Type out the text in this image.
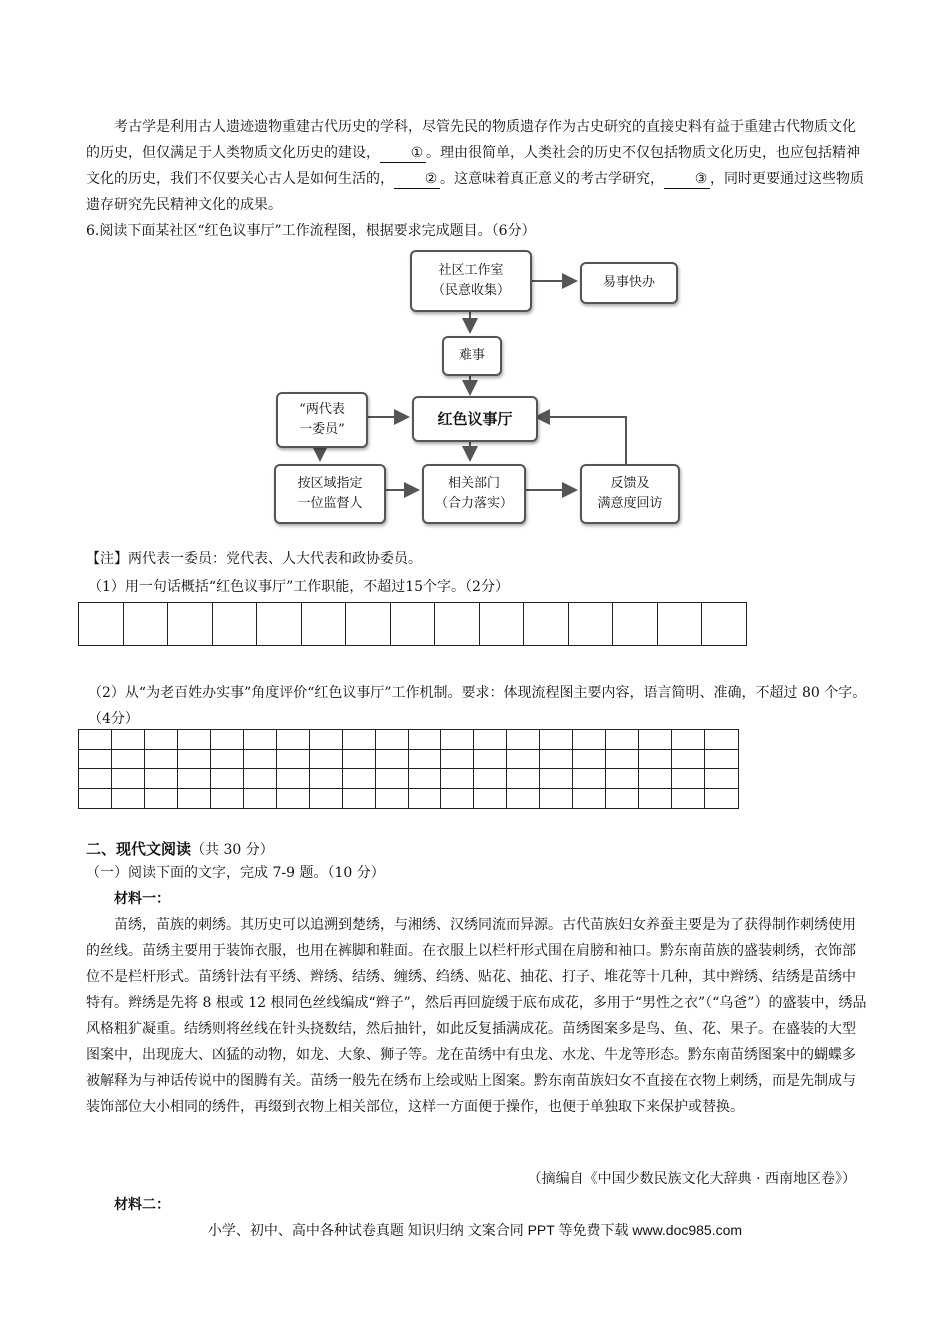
考古学是利用古人遗迹遗物重建古代历史的学科，尽管先民的物质遗存作为古史研究的直接史料有益于重建古代物质文化的历史，但仅满足于人类物质文化历史的建设， ① 。理由很简单，人类社会的历史不仅包括物质文化历史，也应包括精神文化的历史，我们不仅要关心古人是如何生活的， ② 。这意味着真正意义的考古学研究， ③ ，同时更要通过这些物质遗存研究先民精神文化的成果。

6.阅读下面某社区“红色议事厅”工作流程图，根据要求完成题目。（6分）

社区工作室
（民意收集）
易事快办
难事
“两代表
一委员”
红色议事厅
按区域指定
一位监督人
相关部门
（合力落实）
反馈及
满意度回访

【注】两代表一委员：党代表、人大代表和政协委员。

（1）用一句话概括“红色议事厅”工作职能，不超过15个字。（2分）

（2）从“为老百姓办实事”角度评价“红色议事厅”工作机制。要求：体现流程图主要内容，语言简明、准确，不超过 80 个字。（4分）

二、现代文阅读（共 30 分）

（一）阅读下面的文字，完成 7-9 题。（10 分）

材料一：

苗绣，苗族的刺绣。其历史可以追溯到楚绣，与湘绣、汉绣同流而异源。古代苗族妇女养蚕主要是为了获得制作刺绣使用的丝线。苗绣主要用于装饰衣服，也用在裤脚和鞋面。在衣服上以栏杆形式围在肩膀和袖口。黔东南苗族的盛装刺绣，衣饰部位不是栏杆形式。苗绣针法有平绣、辫绣、结绣、缠绣、绉绣、贴花、抽花、打子、堆花等十几种，其中辫绣、结绣是苗绣中特有。辫绣是先将 8 根或 12 根同色丝线编成“辫子”，然后再回旋缓于底布成花，多用于“男性之衣”（“乌爸”）的盛装中，绣品风格粗犷凝重。结绣则将丝线在针头挠数结，然后抽针，如此反复插满成花。苗绣图案多是鸟、鱼、花、果子。在盛装的大型图案中，出现庞大、凶猛的动物，如龙、大象、狮子等。龙在苗绣中有虫龙、水龙、牛龙等形态。黔东南苗绣图案中的蝴蝶多被解释为与神话传说中的图腾有关。苗绣一般先在绣布上绘或贴上图案。黔东南苗族妇女不直接在衣物上刺绣，而是先制成与装饰部位大小相同的绣件，再缀到衣物上相关部位，这样一方面便于操作，也便于单独取下来保护或替换。

（摘编自《中国少数民族文化大辞典 · 西南地区卷》）

材料二：

小学、初中、高中各种试卷真题 知识归纳 文案合同 PPT 等免费下载 www.doc985.com
